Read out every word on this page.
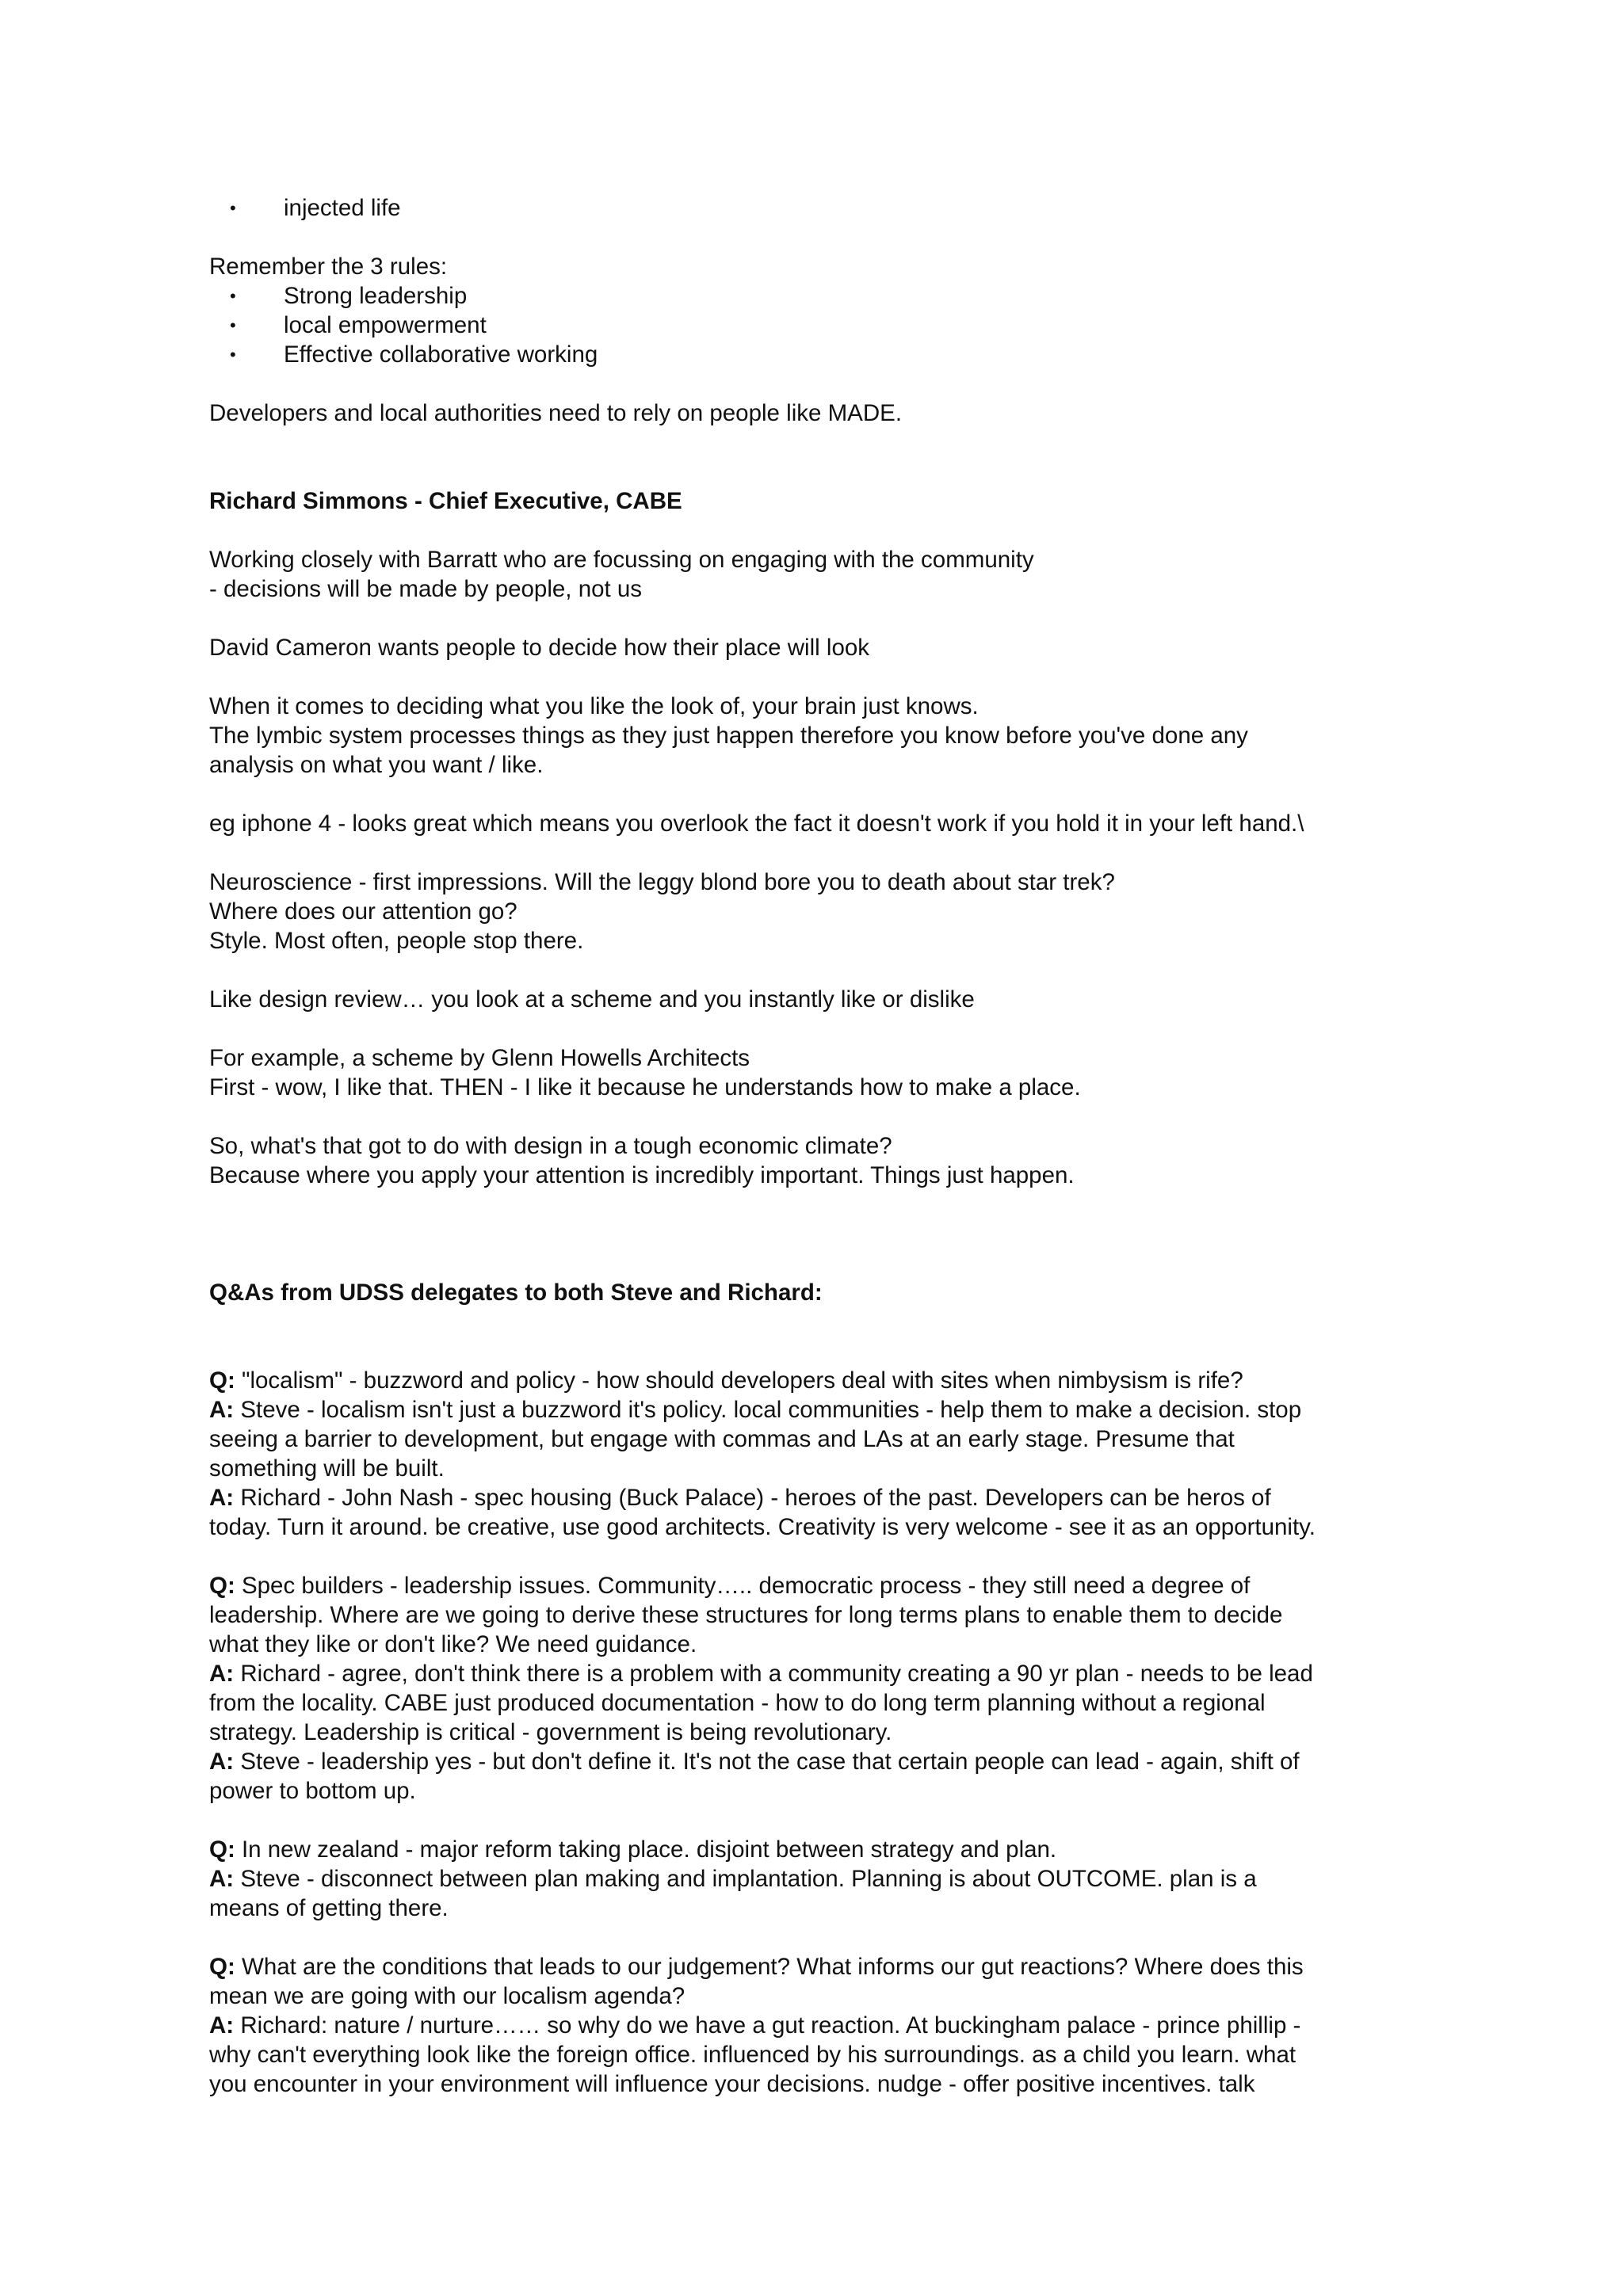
• injected life

Remember the 3 rules:

• Strong leadership

• local empowerment

• Effective collaborative working

Developers and local authorities need to rely on people like MADE.

Richard Simmons - Chief Executive, CABE

Working closely with Barratt who are focussing on engaging with the community

- decisions will be made by people, not us

David Cameron wants people to decide how their place will look

When it comes to deciding what you like the look of, your brain just knows.

The lymbic system processes things as they just happen therefore you know before you've done any

analysis on what you want / like.

eg iphone 4 - looks great which means you overlook the fact it doesn't work if you hold it in your left hand.\

Neuroscience - first impressions. Will the leggy blond bore you to death about star trek?

Where does our attention go?

Style. Most often, people stop there.

Like design review… you look at a scheme and you instantly like or dislike

For example, a scheme by Glenn Howells Architects

First - wow, I like that. THEN - I like it because he understands how to make a place.

So, what's that got to do with design in a tough economic climate?

Because where you apply your attention is incredibly important. Things just happen.

Q&As from UDSS delegates to both Steve and Richard:

Q: "localism" - buzzword and policy - how should developers deal with sites when nimbysism is rife?

A: Steve - localism isn't just a buzzword it's policy. local communities - help them to make a decision. stop

seeing a barrier to development, but engage with commas and LAs at an early stage. Presume that

something will be built.

A: Richard - John Nash - spec housing (Buck Palace) - heroes of the past. Developers can be heros of

today. Turn it around. be creative, use good architects. Creativity is very welcome - see it as an opportunity.

Q: Spec builders - leadership issues. Community….. democratic process - they still need a degree of

leadership. Where are we going to derive these structures for long terms plans to enable them to decide

what they like or don't like? We need guidance.

A: Richard - agree, don't think there is a problem with a community creating a 90 yr plan - needs to be lead

from the locality. CABE just produced documentation - how to do long term planning without a regional

strategy. Leadership is critical - government is being revolutionary.

A: Steve - leadership yes - but don't define it. It's not the case that certain people can lead - again, shift of

power to bottom up.

Q: In new zealand - major reform taking place. disjoint between strategy and plan.

A: Steve - disconnect between plan making and implantation. Planning is about OUTCOME. plan is a

means of getting there.

Q: What are the conditions that leads to our judgement? What informs our gut reactions? Where does this

mean we are going with our localism agenda?

A: Richard: nature / nurture…… so why do we have a gut reaction. At buckingham palace - prince phillip -

why can't everything look like the foreign office. influenced by his surroundings. as a child you learn. what

you encounter in your environment will influence your decisions. nudge - offer positive incentives. talk
